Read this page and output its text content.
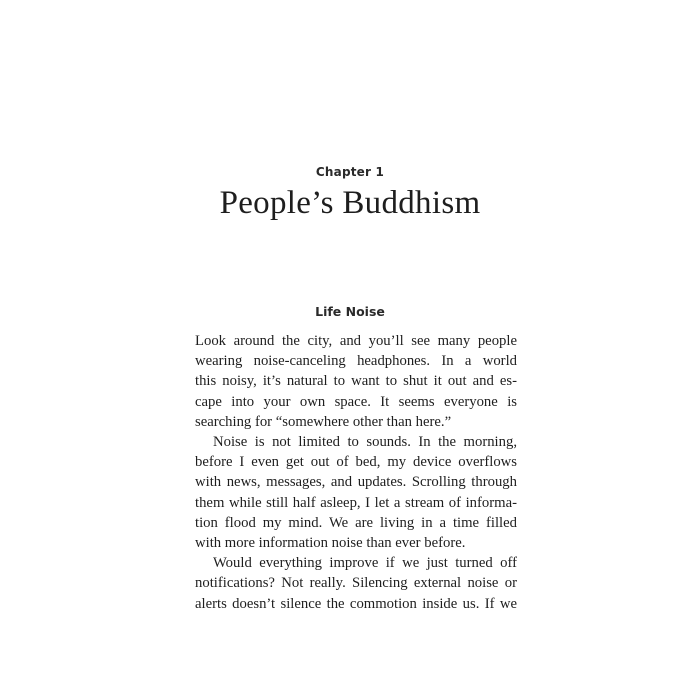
Chapter 1
People’s Buddhism
Life Noise

Look around the city, and you’ll see many people
wearing noise-canceling headphones. In a world
this noisy, it’s natural to want to shut it out and es-
cape into your own space. It seems everyone is
searching for “somewhere other than here.”

Noise is not limited to sounds. In the morning,
before I even get out of bed, my device overflows
with news, messages, and updates. Scrolling through
them while still half asleep, I let a stream of informa-
tion flood my mind. We are living in a time filled
with more information noise than ever before.

Would everything improve if we just turned off
notifications? Not really. Silencing external noise or
alerts doesn’t silence the commotion inside us. If we
